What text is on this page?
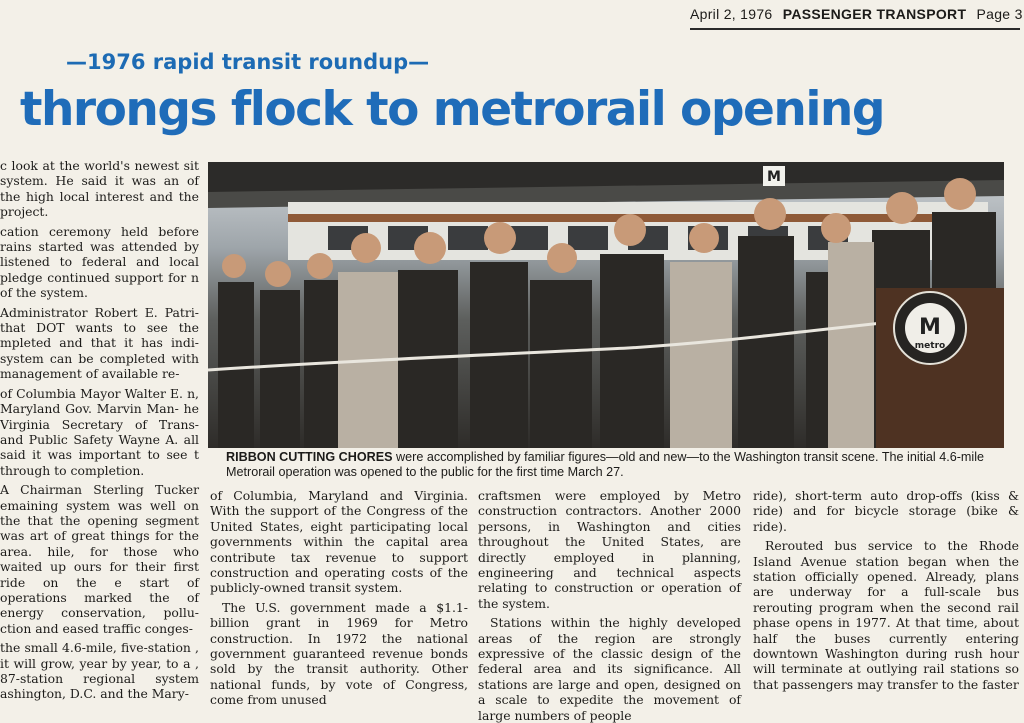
April 2, 1976 PASSENGER TRANSPORT Page 3
—1976 rapid transit roundup—
throngs flock to metrorail opening

c look at the world's newest sit system. He said it was an of the high local interest and the project.

cation ceremony held before rains started was attended by listened to federal and local pledge continued support for n of the system.

Administrator Robert E. Patri- that DOT wants to see the mpleted and that it has indi- system can be completed with management of available re-

of Columbia Mayor Walter E. n, Maryland Gov. Marvin Man- he Virginia Secretary of Trans- and Public Safety Wayne A. all said it was important to see t through to completion.

A Chairman Sterling Tucker emaining system was well on the that the opening segment was art of great things for the area. hile, for those who waited up ours for their first ride on the e start of operations marked the of energy conservation, pollu- ction and eased traffic conges-

the small 4.6-mile, five-station , it will grow, year by year, to a , 87-station regional system ashington, D.C. and the Mary-

M
M
metro
RIBBON CUTTING CHORES were accomplished by familiar figures—old and new—to the Washington transit scene. The initial 4.6-mile Metrorail operation was opened to the public for the first time March 27.

of Columbia, Maryland and Virginia. With the support of the Congress of the United States, eight participating local governments within the capital area contribute tax revenue to support construction and operating costs of the publicly-owned transit system.

The U.S. government made a $1.1-billion grant in 1969 for Metro construction. In 1972 the national government guaranteed revenue bonds sold by the transit authority. Other national funds, by vote of Congress, come from unused

craftsmen were employed by Metro construction contractors. Another 2000 persons, in Washington and cities throughout the United States, are directly employed in planning, engineering and technical aspects relating to construction or operation of the system.

Stations within the highly developed areas of the region are strongly expressive of the classic design of the federal area and its significance. All stations are large and open, designed on a scale to expedite the movement of large numbers of people

ride), short-term auto drop-offs (kiss & ride) and for bicycle storage (bike & ride).

Rerouted bus service to the Rhode Island Avenue station began when the station officially opened. Already, plans are underway for a full-scale bus rerouting program when the second rail phase opens in 1977. At that time, about half the buses currently entering downtown Washington during rush hour will terminate at outlying rail stations so that passengers may transfer to the faster
